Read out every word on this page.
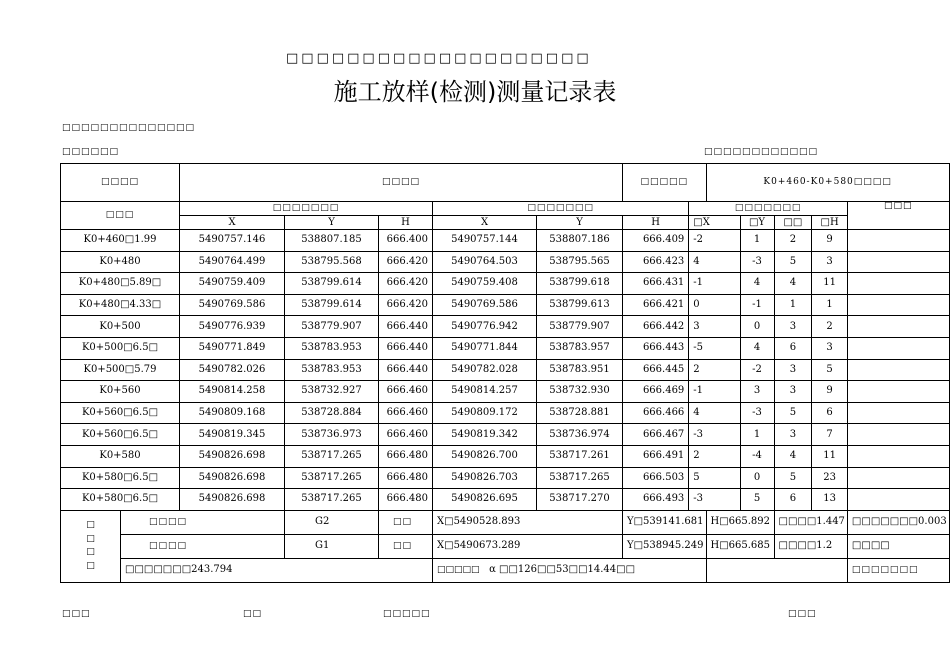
□□□□□□□□□□□□□□□□□□□□
施工放样(检测)测量记录表
□□□□□□□□□□□□□□
□□□□□□	□□□□□□□□□□□□
□□□□		□□□□					□□□□□		K0+460-K0+580□□□□				
□□□		□□□□□□□			□□□□□□□			□□□□□□□					□□□
		X	Y	H	X	Y	H	□X		□Y	□□	□H	
K0+460□1.99		5490757.146	538807.185	666.400	5490757.144	538807.186	666.409	-2		1	2	9	
K0+480		5490764.499	538795.568	666.420	5490764.503	538795.565	666.423	4		-3	5	3	
K0+480□5.89□		5490759.409	538799.614	666.420	5490759.408	538799.618	666.431	-1		4	4	11	
K0+480□4.33□		5490769.586	538799.614	666.420	5490769.586	538799.613	666.421	0		-1	1	1	
K0+500		5490776.939	538779.907	666.440	5490776.942	538779.907	666.442	3		0	3	2	
K0+500□6.5□		5490771.849	538783.953	666.440	5490771.844	538783.957	666.443	-5		4	6	3	
K0+500□5.79		5490782.026	538783.953	666.440	5490782.028	538783.951	666.445	2		-2	3	5	
K0+560		5490814.258	538732.927	666.460	5490814.257	538732.930	666.469	-1		3	3	9	
K0+560□6.5□		5490809.168	538728.884	666.460	5490809.172	538728.881	666.466	4		-3	5	6	
K0+560□6.5□		5490819.345	538736.973	666.460	5490819.342	538736.974	666.467	-3		1	3	7	
K0+580		5490826.698	538717.265	666.480	5490826.700	538717.261	666.491	2		-4	4	11	
K0+580□6.5□		5490826.698	538717.265	666.480	5490826.703	538717.265	666.503	5		0	5	23	
K0+580□6.5□		5490826.698	538717.265	666.480	5490826.695	538717.270	666.493	-3		5	6	13	
□
□
□
□	□□□□		G2	□□	X□5490528.893		Y□539141.681		H□665.892		□□□□1.447		□□□□□□□0.003
	□□□□		G1	□□	X□5490673.289		Y□538945.249		H□665.685		□□□□1.2		□□□□
	□□□□□□□243.794				□□□□□ α □□126□□53□□14.44□□								□□□□□□□
□□□	□□	□□□□□	□□□
